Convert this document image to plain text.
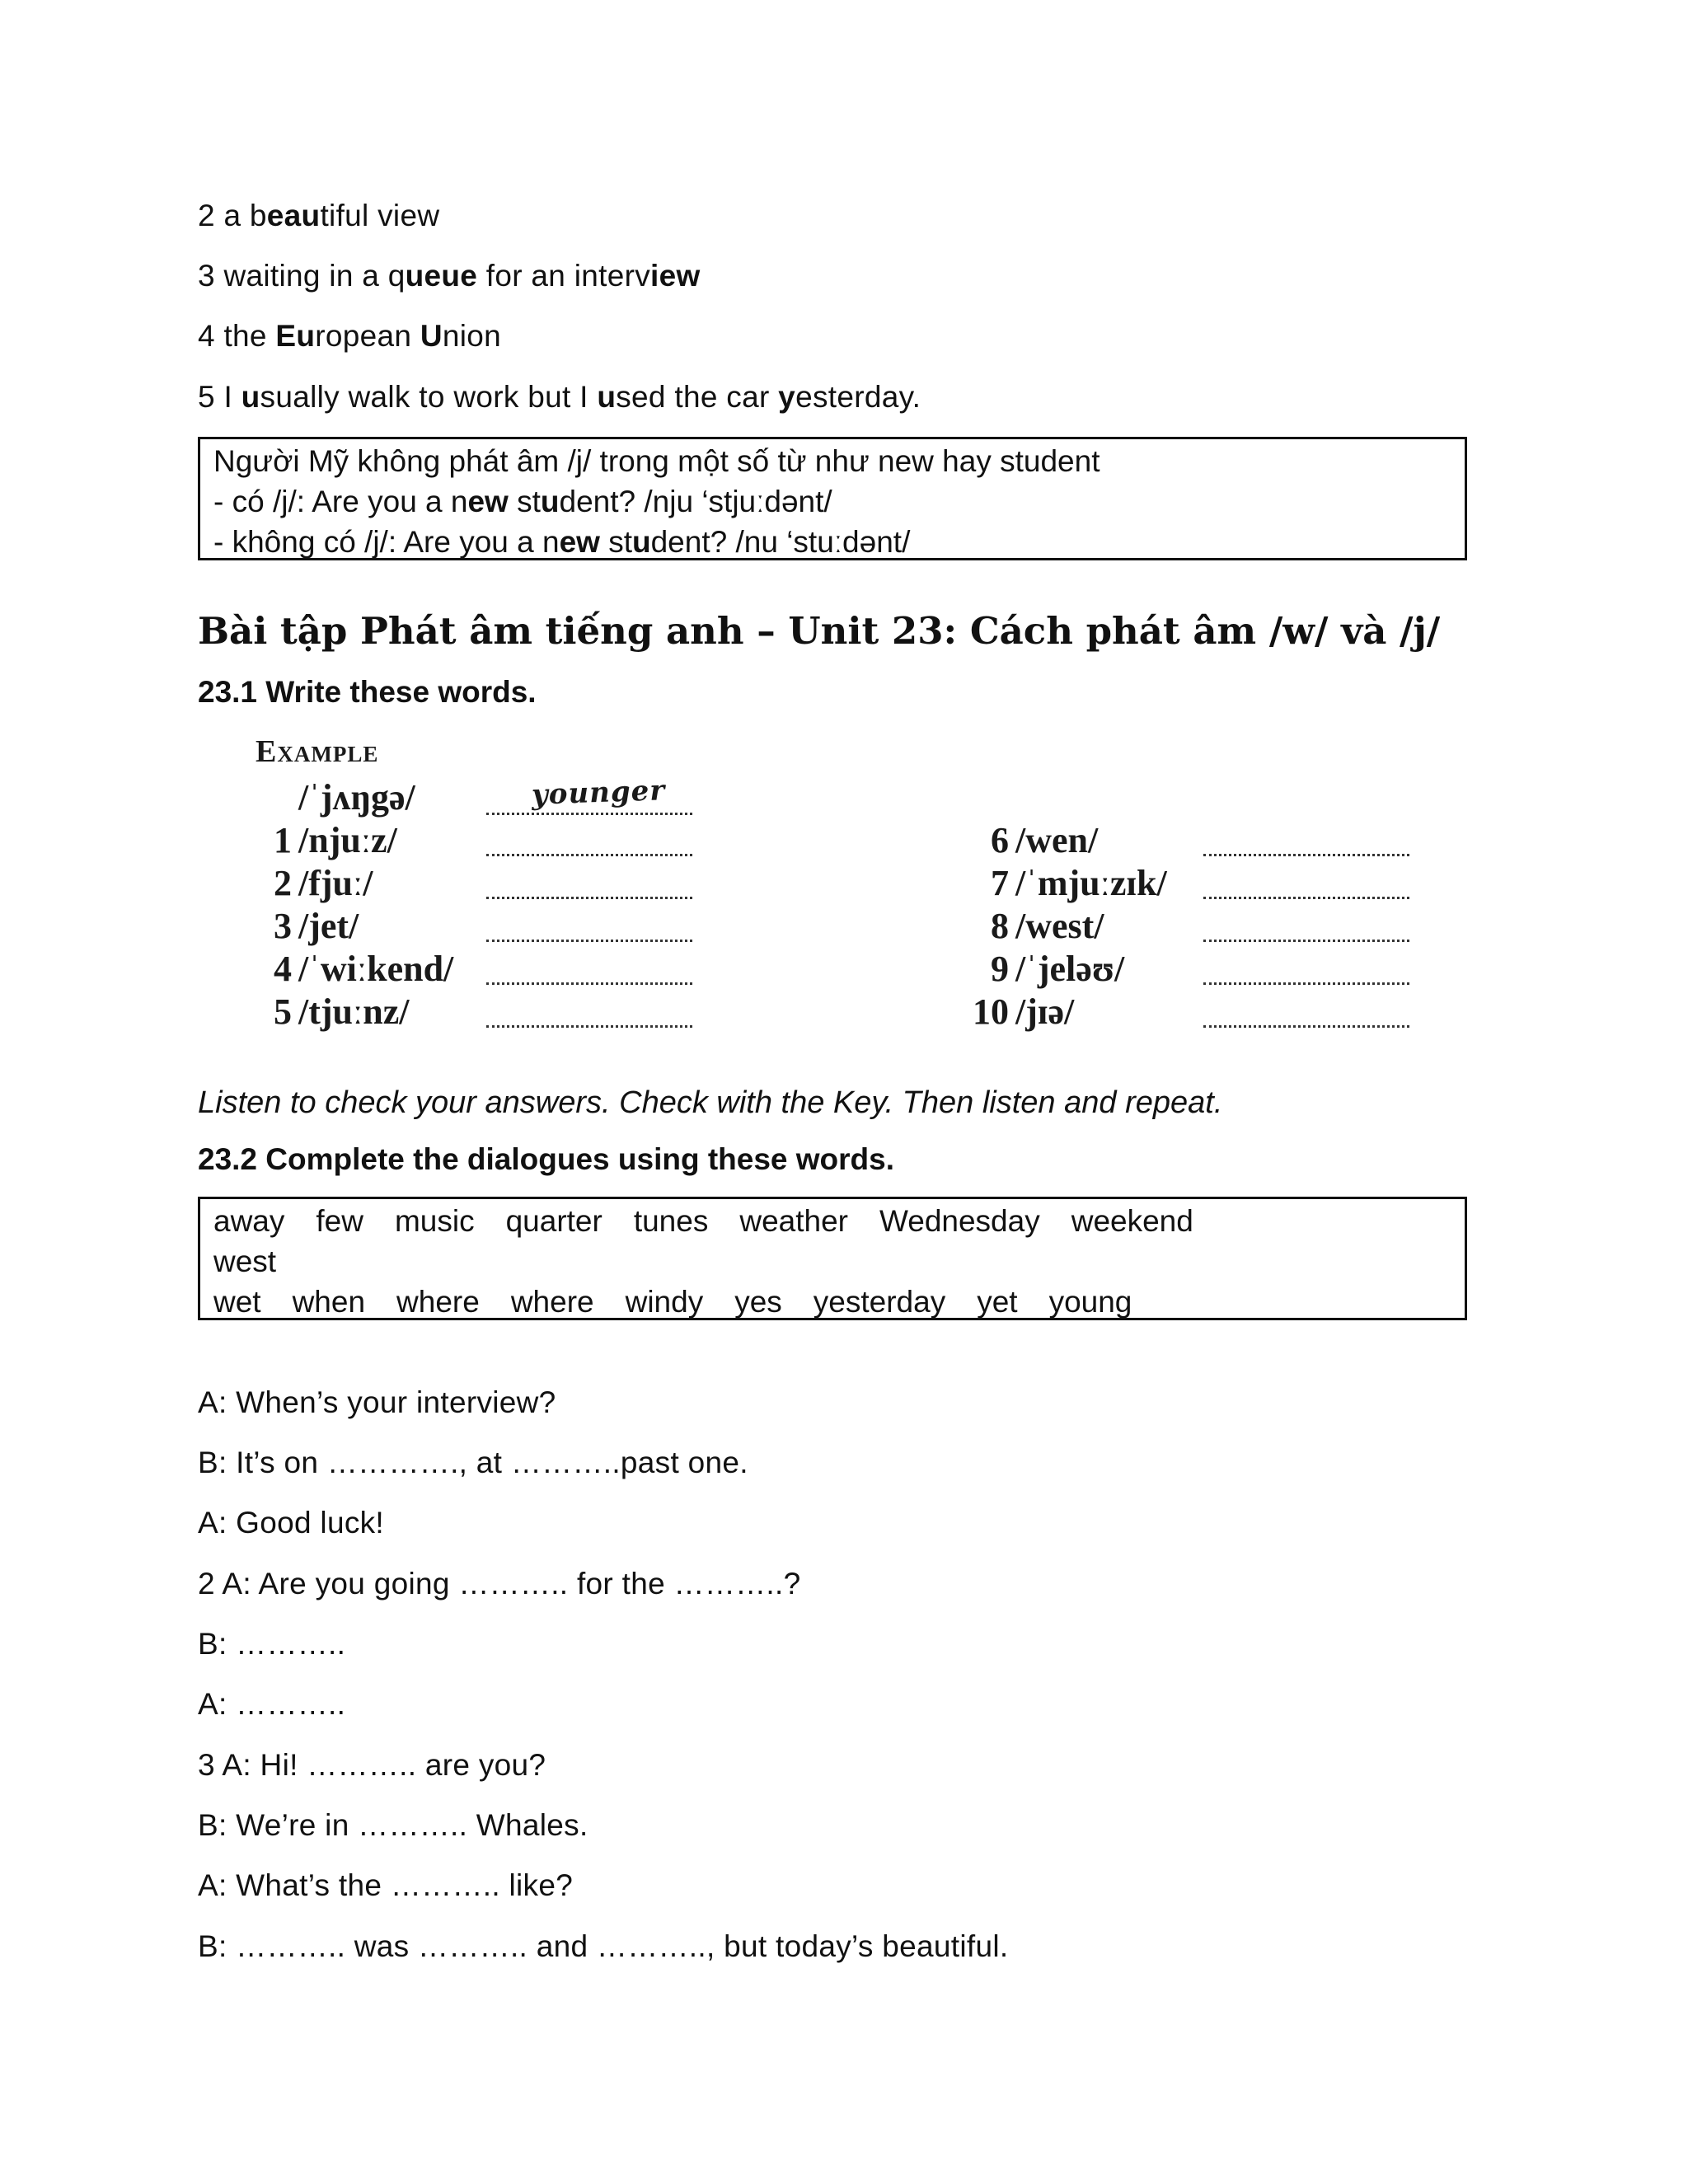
2 a beautiful view
3 waiting in a queue for an interview
4 the European Union
5 I usually walk to work but I used the car yesterday.
Người Mỹ không phát âm /j/ trong một số từ như new hay student
- có /j/: Are you a new student? /nju ‘stjuːdənt/
- không có /j/: Are you a new student? /nu ‘stuːdənt/
Bài tập Phát âm tiếng anh – Unit 23: Cách phát âm /w/ và /j/
23.1 Write these words.
Example
/ˈjʌŋgə/	younger
1 /njuːz/
2 /fjuː/
3 /jet/
4 /ˈwiːkend/
5 /tjuːnz/
6 /wen/
7 /ˈmjuːzɪk/
8 /west/
9 /ˈjeləʊ/
10 /jɪə/
Listen to check your answers. Check with the Key. Then listen and repeat.
23.2 Complete the dialogues using these words.
away few music quarter tunes weather Wednesday weekend
west
wet when where where windy yes yesterday yet young
A: When’s your interview?
B: It’s on …………., at ………..past one.
A: Good luck!
2 A: Are you going ……….. for the ………..?
B: ………..
A: ………..
3 A: Hi! ……….. are you?
B: We’re in ……….. Whales.
A: What’s the ……….. like?
B: ……….. was ……….. and ……….., but today’s beautiful.
